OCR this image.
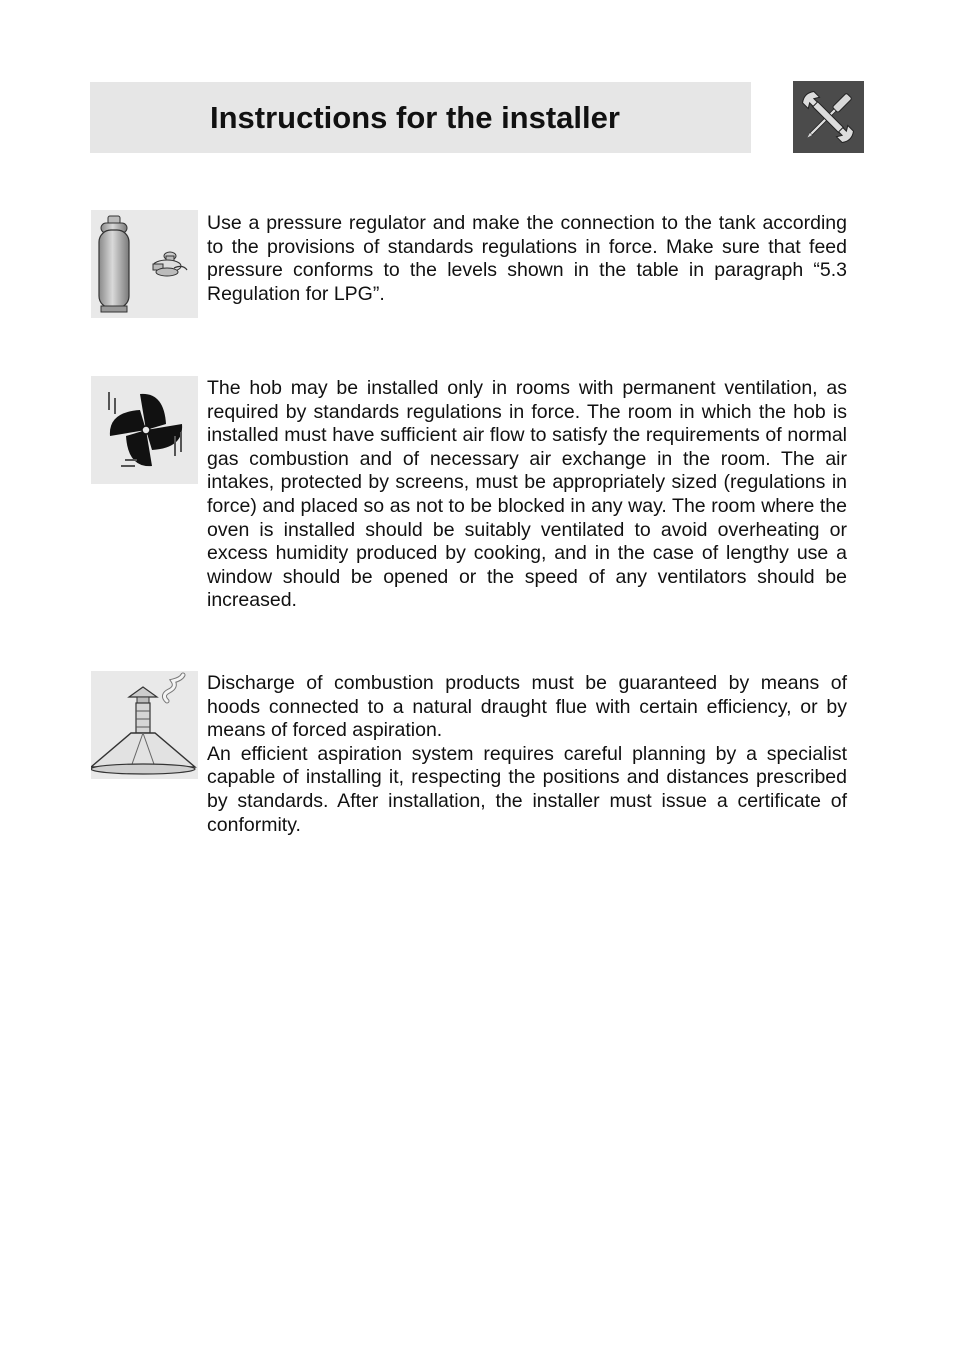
Instructions for the installer

Use a pressure regulator and make the connection to the tank according to the provisions of standards regulations in force. Make sure that feed pressure conforms to the levels shown in the table in paragraph “5.3 Regulation for LPG”.

The hob may be installed only in rooms with permanent ventilation, as required by standards regulations in force. The room in which the hob is installed must have sufficient air flow to satisfy the requirements of normal gas combustion and of necessary air exchange in the room. The air intakes, protected by screens, must be appropriately sized (regulations in force) and placed so as not to be blocked in any way. The room where the oven is installed should be suitably ventilated to avoid overheating or excess humidity produced by cooking, and in the case of lengthy use a window should be opened or the speed of any ventilators should be increased.

Discharge of combustion products must be guaranteed by means of hoods connected to a natural draught flue with certain efficiency, or by means of forced aspiration.

An efficient aspiration system requires careful planning by a specialist capable of installing it, respecting the positions and distances prescribed by standards. After installation, the installer must issue a certificate of conformity.
